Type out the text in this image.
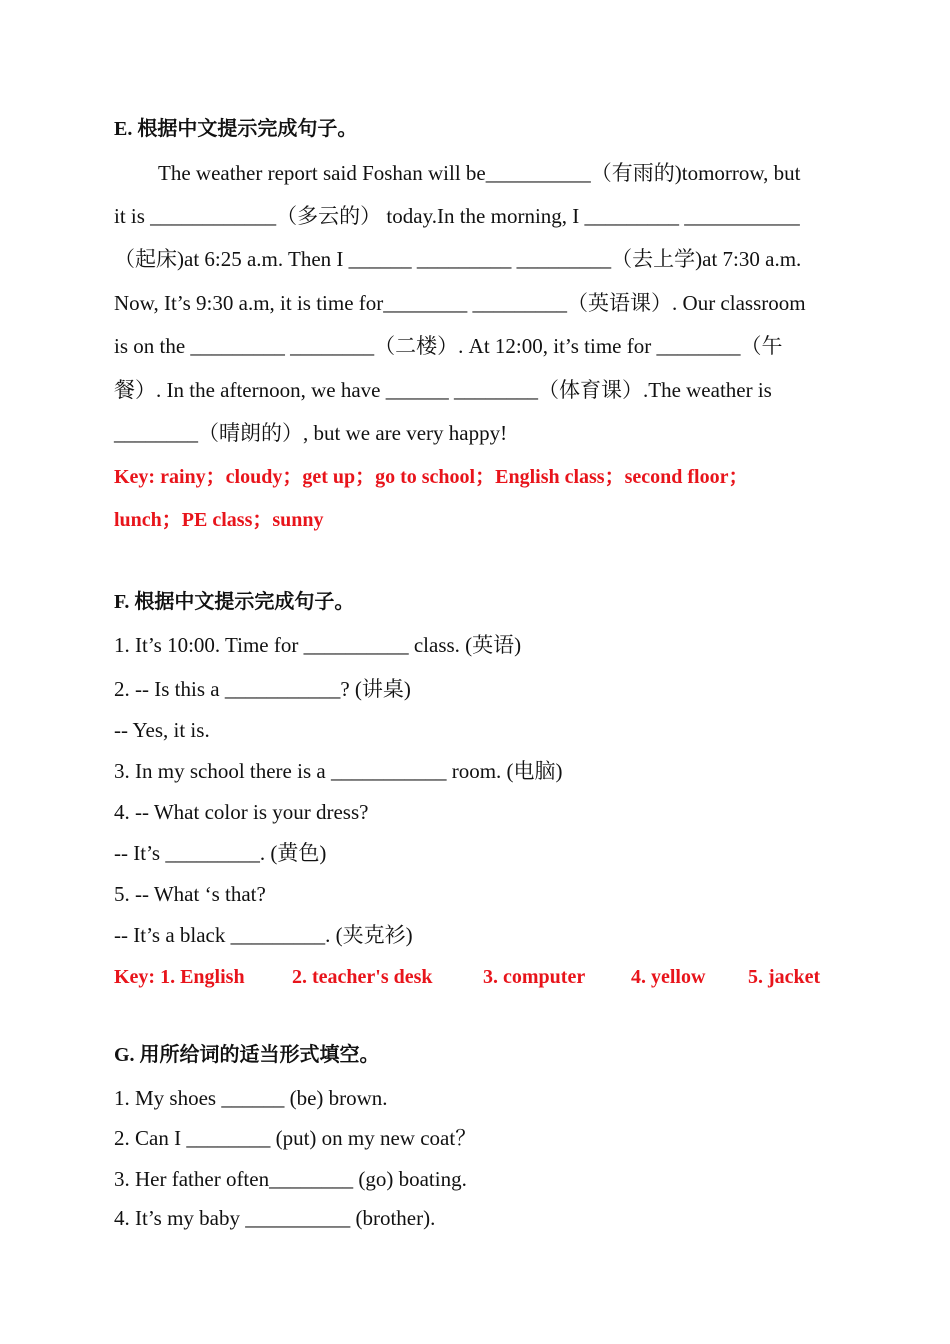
E. 根据中文提示完成句子。
The weather report said Foshan will be__________（有雨的)tomorrow, but
it is ____________（多云的） today.In the morning, I _________ ___________
（起床)at 6:25 a.m. Then I ______ _________ _________（去上学)at 7:30 a.m.
Now, It’s 9:30 a.m, it is time for________ _________（英语课）. Our classroom
is on the _________ ________（二楼）. At 12:00, it’s time for ________（午
餐）. In the afternoon, we have ______ ________（体育课）.The weather is
________（晴朗的）, but we are very happy!
Key: rainy；cloudy；get up；go to school；English class；second floor；
lunch；PE class；sunny
F. 根据中文提示完成句子。
1. It’s 10:00. Time for __________ class. (英语)
2. -- Is this a ___________? (讲桌)
-- Yes, it is.
3. In my school there is a ___________ room. (电脑)
4. -- What color is your dress?
-- It’s _________. (黄色)
5. -- What ‘s that?
-- It’s a black _________. (夹克衫)
Key: 1. English 2. teacher's desk	3. computer 4. yellow 5. jacket
G. 用所给词的适当形式填空。
1. My shoes ______ (be) brown.
2. Can I ________ (put) on my new coat？
3. Her father often________ (go) boating.
4. It’s my baby __________ (brother).
